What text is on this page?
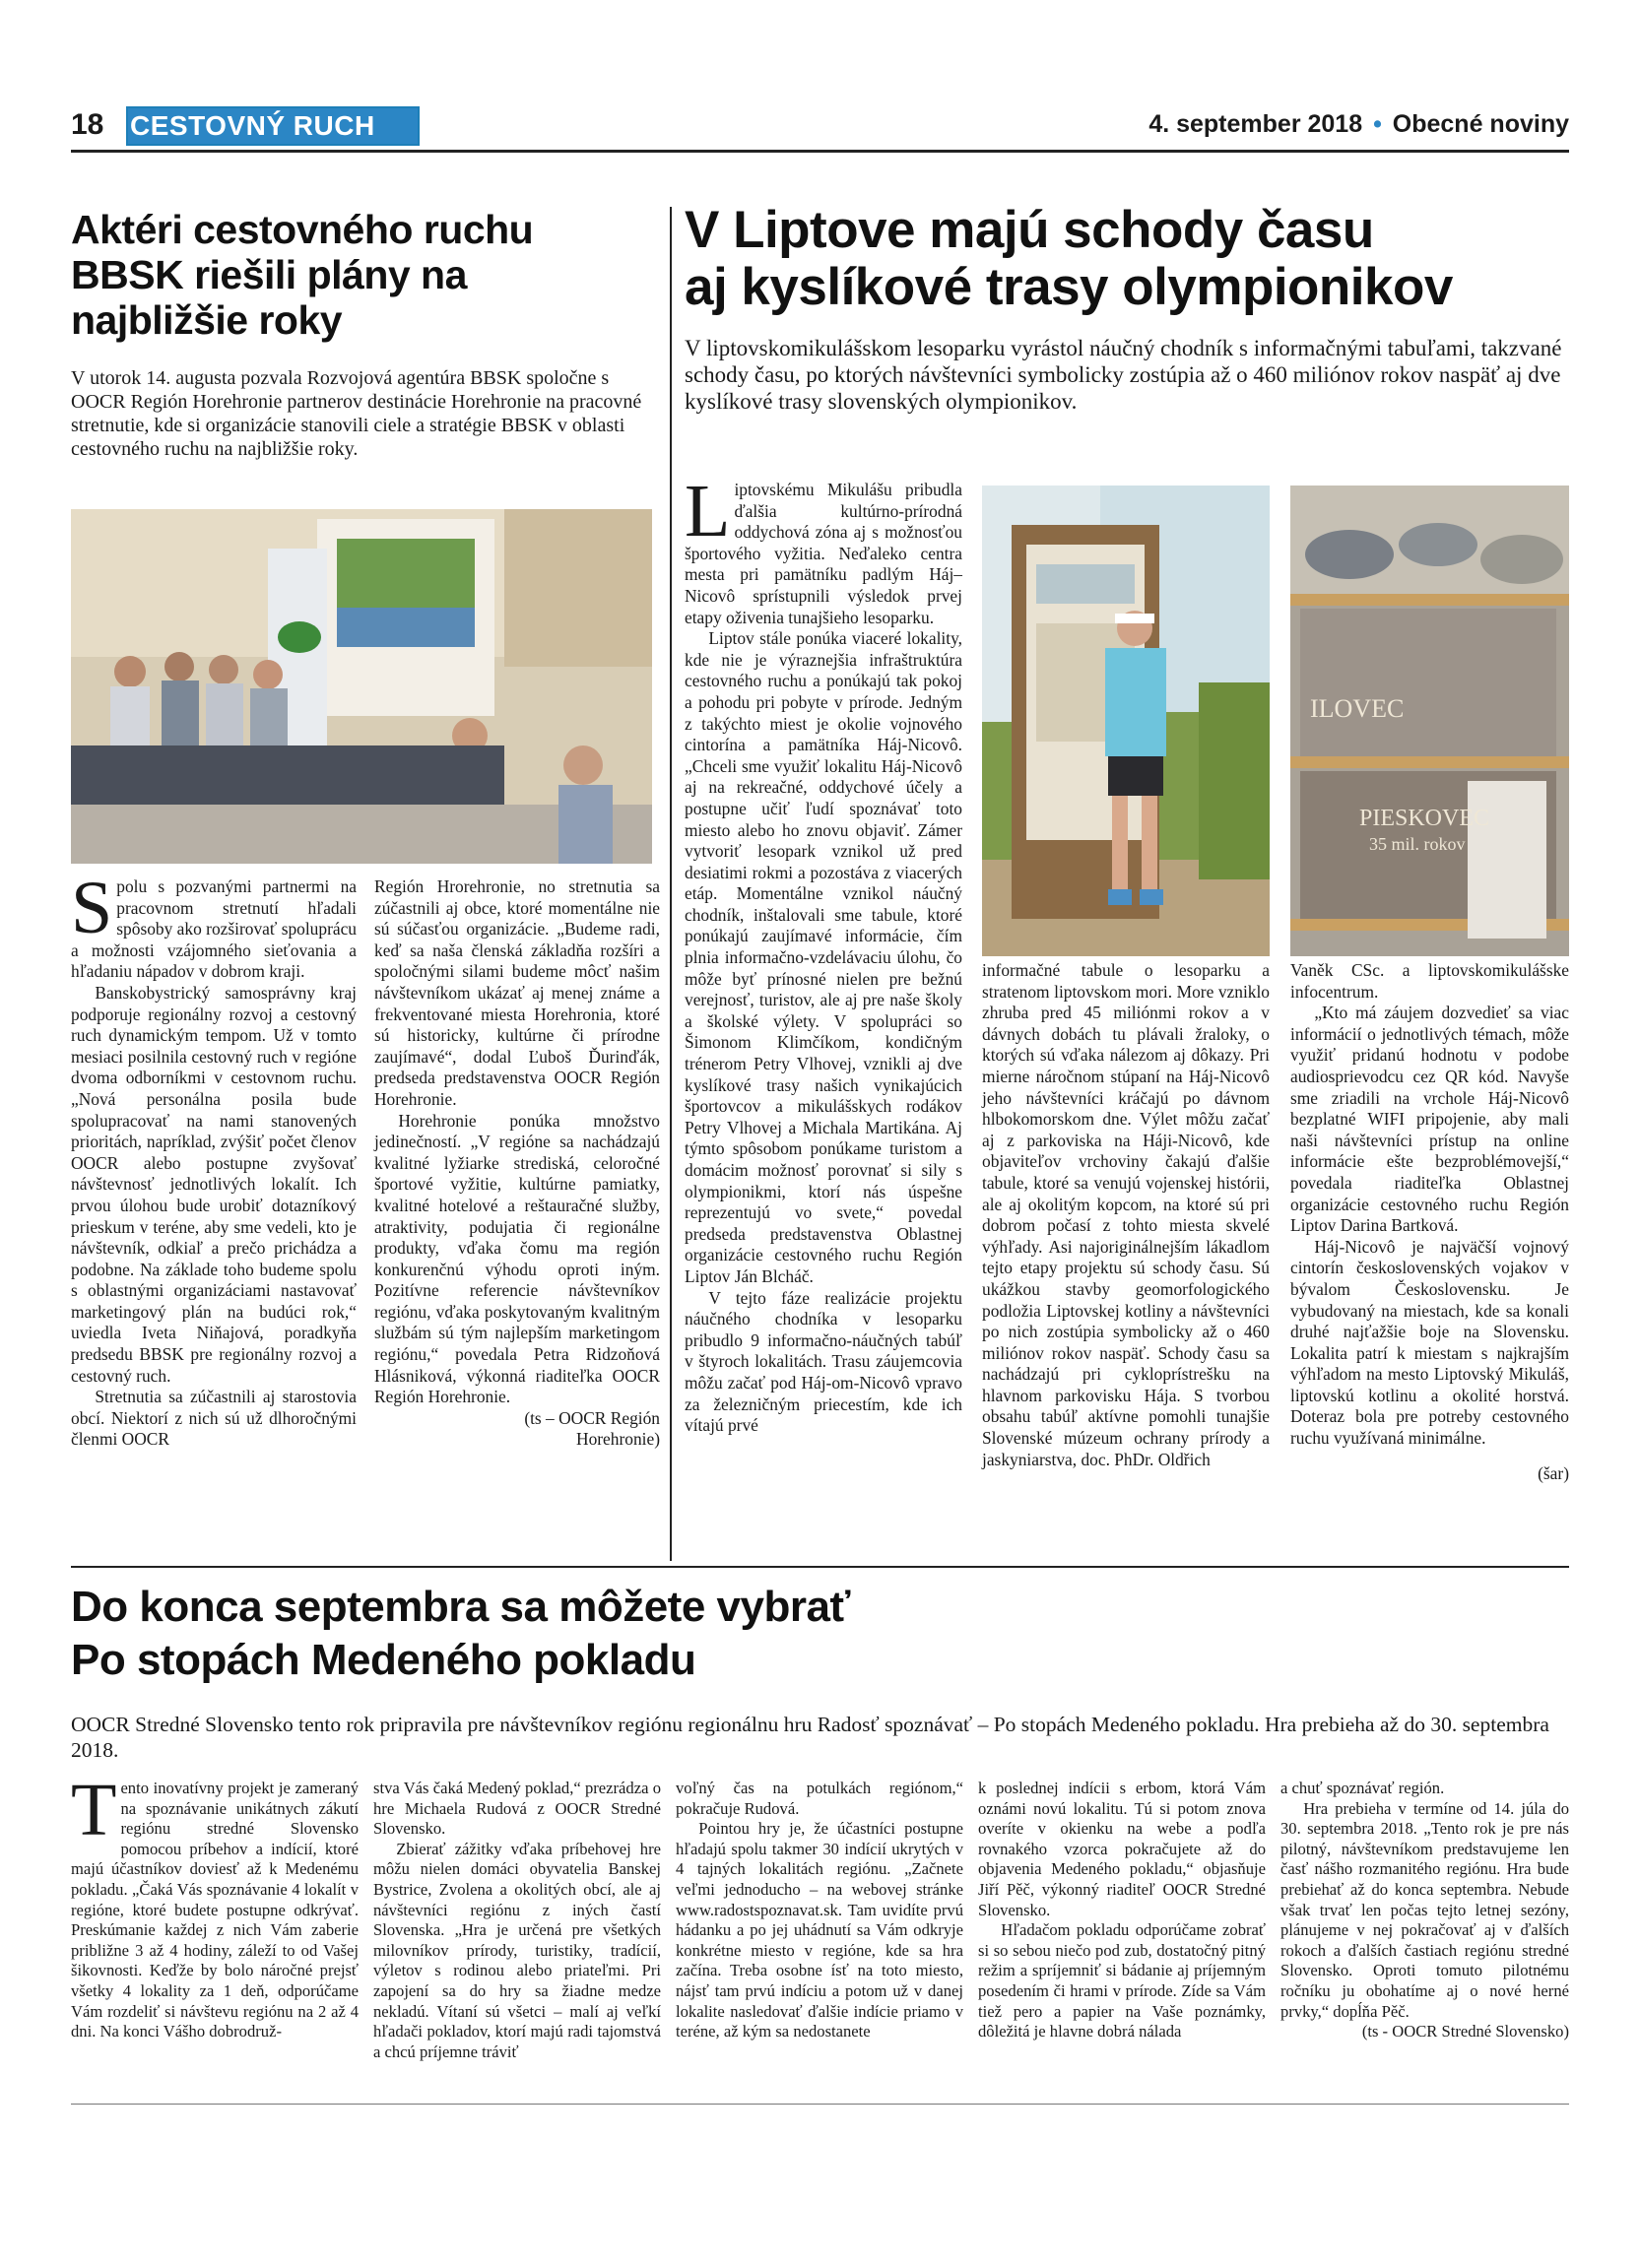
18 CESTOVNÝ RUCH	4. september 2018 • Obecné noviny
Aktéri cestovného ruchu
BBSK riešili plány na
najbližšie roky
V utorok 14. augusta pozvala Rozvojová agentúra BBSK spoločne s OOCR Región Horehronie partnerov destinácie Horehronie na pracovné stretnutie, kde si organizácie stanovili ciele a stratégie BBSK v oblasti cestovného ruchu na najbližšie roky.

Spolu s pozvanými partnermi na pracovnom stretnutí hľadali spôsoby ako rozširovať spoluprácu a možnosti vzájomného sieťovania a hľadaniu nápadov v dobrom kraji.

Banskobystrický samosprávny kraj podporuje regionálny rozvoj a cestovný ruch dynamickým tempom. Už v tomto mesiaci posilnila cestovný ruch v regióne dvoma odborníkmi v cestovnom ruchu. „Nová personálna posila bude spolupracovať na nami stanovených prioritách, napríklad, zvýšiť počet členov OOCR alebo postupne zvyšovať návštevnosť jednotlivých lokalít. Ich prvou úlohou bude urobiť dotazníkový prieskum v teréne, aby sme vedeli, kto je návštevník, odkiaľ a prečo prichádza a podobne. Na základe toho budeme spolu s oblastnými organizáciami nastavovať marketingový plán na budúci rok,“ uviedla Iveta Niňajová, poradkyňa predsedu BBSK pre regionálny rozvoj a cestovný ruch.

Stretnutia sa zúčastnili aj starostovia obcí. Niektorí z nich sú už dlhoročnými členmi OOCR

Región Hrorehronie, no stretnutia sa zúčastnili aj obce, ktoré momentálne nie sú súčasťou organizácie. „Budeme radi, keď sa naša členská základňa rozšíri a spoločnými silami budeme môcť našim návštevníkom ukázať aj menej známe a frekventované miesta Horehronia, ktoré sú historicky, kultúrne či prírodne zaujímavé“, dodal Ľuboš Ďurinďák, predseda predstavenstva OOCR Región Horehronie.

Horehronie ponúka množstvo jedinečností. „V regióne sa nachádzajú kvalitné lyžiarke strediská, celoročné športové vyžitie, kultúrne pamiatky, kvalitné hotelové a reštauračné služby, atraktivity, podujatia či regionálne produkty, vďaka čomu ma región konkurenčnú výhodu oproti iným. Pozitívne referencie návštevníkov regiónu, vďaka poskytovaným kvalitným službám sú tým najlepším marketingom regiónu,“ povedala Petra Ridzoňová Hlásniková, výkonná riaditeľka OOCR Región Horehronie.

(ts – OOCR Región Horehronie)

V Liptove majú schody času
aj kyslíkové trasy olympionikov
V liptovskomikulášskom lesoparku vyrástol náučný chodník s informačnými tabuľami, takzvané schody času, po ktorých návštevníci symbolicky zostúpia až o 460 miliónov rokov naspäť aj dve kyslíkové trasy slovenských olympionikov.

Liptovskému Mikulášu pribudla ďalšia kultúrno-prírodná oddychová zóna aj s možnosťou športového vyžitia. Neďaleko centra mesta pri pamätníku padlým Háj–Nicovô sprístupnili výsledok prvej etapy oživenia tunajšieho lesoparku.

Liptov stále ponúka viaceré lokality, kde nie je výraznejšia infraštruktúra cestovného ruchu a ponúkajú tak pokoj a pohodu pri pobyte v prírode. Jedným z takýchto miest je okolie vojnového cintorína a pamätníka Háj-Nicovô. „Chceli sme využiť lokalitu Háj-Nicovô aj na rekreačné, oddychové účely a postupne učiť ľudí spoznávať toto miesto alebo ho znovu objaviť. Zámer vytvoriť lesopark vznikol už pred desiatimi rokmi a pozostáva z viacerých etáp. Momentálne vznikol náučný chodník, inštalovali sme tabule, ktoré ponúkajú zaujímavé informácie, čím plnia informačno-vzdelávaciu úlohu, čo môže byť prínosné nielen pre bežnú verejnosť, turistov, ale aj pre naše školy a školské výlety. V spolupráci so Šimonom Klimčíkom, kondičným trénerom Petry Vlhovej, vznikli aj dve kyslíkové trasy našich vynikajúcich športovcov a mikulášskych rodákov Petry Vlhovej a Michala Martikána. Aj týmto spôsobom ponúkame turistom a domácim možnosť porovnať si sily s olympionikmi, ktorí nás úspešne reprezentujú vo svete,“ povedal predseda predstavenstva Oblastnej organizácie cestovného ruchu Región Liptov Ján Blcháč.

V tejto fáze realizácie projektu náučného chodníka v lesoparku pribudlo 9 informačno-náučných tabúľ v štyroch lokalitách. Trasu záujemcovia môžu začať pod Háj-om-Nicovô vpravo za železničným priecestím, kde ich vítajú prvé

ILOVEC
PIESKOVEC
35 mil. rokov

informačné tabule o lesoparku a stratenom liptovskom mori. More vzniklo zhruba pred 45 miliónmi rokov a v dávnych dobách tu plávali žraloky, o ktorých sú vďaka nálezom aj dôkazy. Pri mierne náročnom stúpaní na Háj-Nicovô jeho návštevníci kráčajú po dávnom hlbokomorskom dne. Výlet môžu začať aj z parkoviska na Háji-Nicovô, kde objaviteľov vrchoviny čakajú ďalšie tabule, ktoré sa venujú vojenskej histórii, ale aj okolitým kopcom, na ktoré sú pri dobrom počasí z tohto miesta skvelé výhľady. Asi najoriginálnejším lákadlom tejto etapy projektu sú schody času. Sú ukážkou stavby geomorfologického podložia Liptovskej kotliny a návštevníci po nich zostúpia symbolicky až o 460 miliónov rokov naspäť. Schody času sa nachádzajú pri cykloprístrešku na hlavnom parkovisku Hája. S tvorbou obsahu tabúľ aktívne pomohli tunajšie Slovenské múzeum ochrany prírody a jaskyniarstva, doc. PhDr. Oldřich

Vaněk CSc. a liptovskomikulášske infocentrum.

„Kto má záujem dozvedieť sa viac informácií o jednotlivých témach, môže využiť pridanú hodnotu v podobe audiosprievodcu cez QR kód. Navyše sme zriadili na vrchole Háj-Nicovô bezplatné WIFI pripojenie, aby mali naši návštevníci prístup na online informácie ešte bezproblémovejší,“ povedala riaditeľka Oblastnej organizácie cestovného ruchu Región Liptov Darina Bartková.

Háj-Nicovô je najväčší vojnový cintorín československých vojakov v bývalom Československu. Je vybudovaný na miestach, kde sa konali druhé najťažšie boje na Slovensku. Lokalita patrí k miestam s najkrajším výhľadom na mesto Liptovský Mikuláš, liptovskú kotlinu a okolité horstvá. Doteraz bola pre potreby cestovného ruchu využívaná minimálne.

(šar)

Do konca septembra sa môžete vybrať
Po stopách Medeného pokladu
OOCR Stredné Slovensko tento rok pripravila pre návštevníkov regiónu regionálnu hru Radosť spoznávať – Po stopách Medeného pokladu. Hra prebieha až do 30. septembra 2018.

Tento inovatívny projekt je zameraný na spoznávanie unikátnych zákutí regiónu stredné Slovensko pomocou príbehov a indícií, ktoré majú účastníkov doviesť až k Medenému pokladu. „Čaká Vás spoznávanie 4 lokalít v regióne, ktoré budete postupne odkrývať. Preskúmanie každej z nich Vám zaberie približne 3 až 4 hodiny, záleží to od Vašej šikovnosti. Keďže by bolo náročné prejsť všetky 4 lokality za 1 deň, odporúčame Vám rozdeliť si návštevu regiónu na 2 až 4 dni. Na konci Vášho dobrodruž-

stva Vás čaká Medený poklad,“ prezrádza o hre Michaela Rudová z OOCR Stredné Slovensko.

Zbierať zážitky vďaka príbehovej hre môžu nielen domáci obyvatelia Banskej Bystrice, Zvolena a okolitých obcí, ale aj návštevníci regiónu z iných častí Slovenska. „Hra je určená pre všetkých milovníkov prírody, turistiky, tradícií, výletov s rodinou alebo priateľmi. Pri zapojení sa do hry sa žiadne medze nekladú. Vítaní sú všetci – malí aj veľkí hľadači pokladov, ktorí majú radi tajomstvá a chcú príjemne tráviť

voľný čas na potulkách regiónom,“ pokračuje Rudová.

Pointou hry je, že účastníci postupne hľadajú spolu takmer 30 indícií ukrytých v 4 tajných lokalitách regiónu. „Začnete veľmi jednoducho – na webovej stránke www.radostspoznavat.sk. Tam uvidíte prvú hádanku a po jej uhádnutí sa Vám odkryje konkrétne miesto v regióne, kde sa hra začína. Treba osobne ísť na toto miesto, nájsť tam prvú indíciu a potom už v danej lokalite nasledovať ďalšie indície priamo v teréne, až kým sa nedostanete

k poslednej indícii s erbom, ktorá Vám oznámi novú lokalitu. Tú si potom znova overíte v okienku na webe a podľa rovnakého vzorca pokračujete až do objavenia Medeného pokladu,“ objasňuje Jiří Pěč, výkonný riaditeľ OOCR Stredné Slovensko.

Hľadačom pokladu odporúčame zobrať si so sebou niečo pod zub, dostatočný pitný režim a spríjemniť si bádanie aj príjemným posedením či hrami v prírode. Zíde sa Vám tiež pero a papier na Vaše poznámky, dôležitá je hlavne dobrá nálada

a chuť spoznávať región.

Hra prebieha v termíne od 14. júla do 30. septembra 2018. „Tento rok je pre nás pilotný, návštevníkom predstavujeme len časť nášho rozmanitého regiónu. Hra bude prebiehať až do konca septembra. Nebude však trvať len počas tejto letnej sezóny, plánujeme v nej pokračovať aj v ďalších rokoch a ďalších častiach regiónu stredné Slovensko. Oproti tomuto pilotnému ročníku ju obohatíme aj o nové herné prvky,“ dopĺňa Pěč.

(ts - OOCR Stredné Slovensko)
